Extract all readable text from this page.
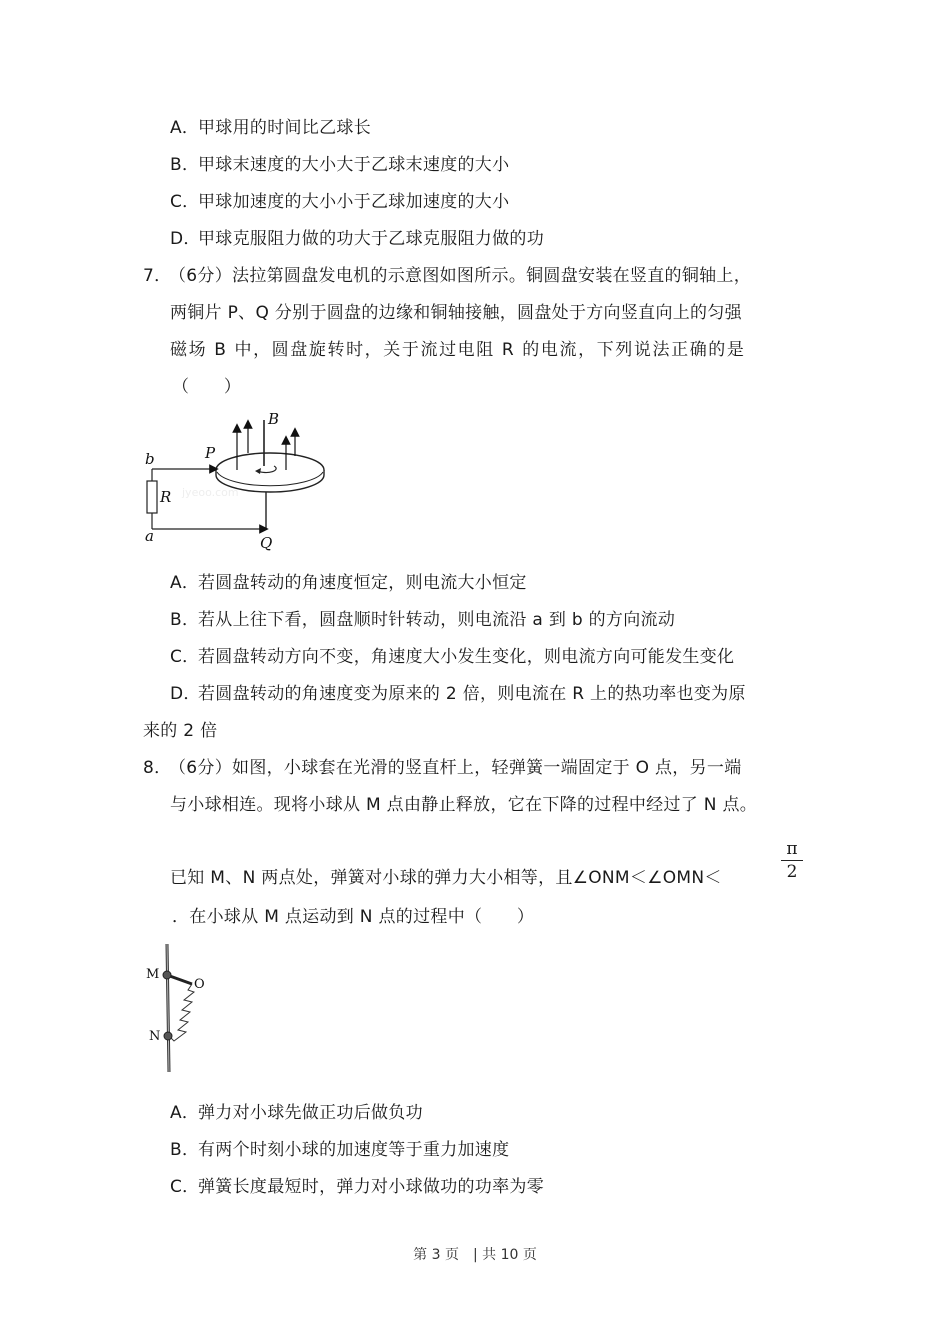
A．甲球用的时间比乙球长
B．甲球末速度的大小大于乙球末速度的大小
C．甲球加速度的大小小于乙球加速度的大小
D．甲球克服阻力做的功大于乙球克服阻力做的功
7．（6分）法拉第圆盘发电机的示意图如图所示。铜圆盘安装在竖直的铜轴上，
两铜片 P、Q 分别于圆盘的边缘和铜轴接触，圆盘处于方向竖直向上的匀强
磁场 B 中，圆盘旋转时，关于流过电阻 R 的电流，下列说法正确的是
（　　）
b
a
R
P
Q
B
jyeoo.com
A．若圆盘转动的角速度恒定，则电流大小恒定
B．若从上往下看，圆盘顺时针转动，则电流沿 a 到 b 的方向流动
C．若圆盘转动方向不变，角速度大小发生变化，则电流方向可能发生变化
D．若圆盘转动的角速度变为原来的 2 倍，则电流在 R 上的热功率也变为原
来的 2 倍
8．（6分）如图，小球套在光滑的竖直杆上，轻弹簧一端固定于 O 点，另一端
与小球相连。现将小球从 M 点由静止释放，它在下降的过程中经过了 N 点。
已知 M、N 两点处，弹簧对小球的弹力大小相等，且∠ONM＜∠OMN＜	$\frac{\pi}{2}$
．在小球从 M 点运动到 N 点的过程中（　　）
M
O
N
A．弹力对小球先做正功后做负功
B．有两个时刻小球的加速度等于重力加速度
C．弹簧长度最短时，弹力对小球做功的功率为零
第 3 页　| 共 10 页
